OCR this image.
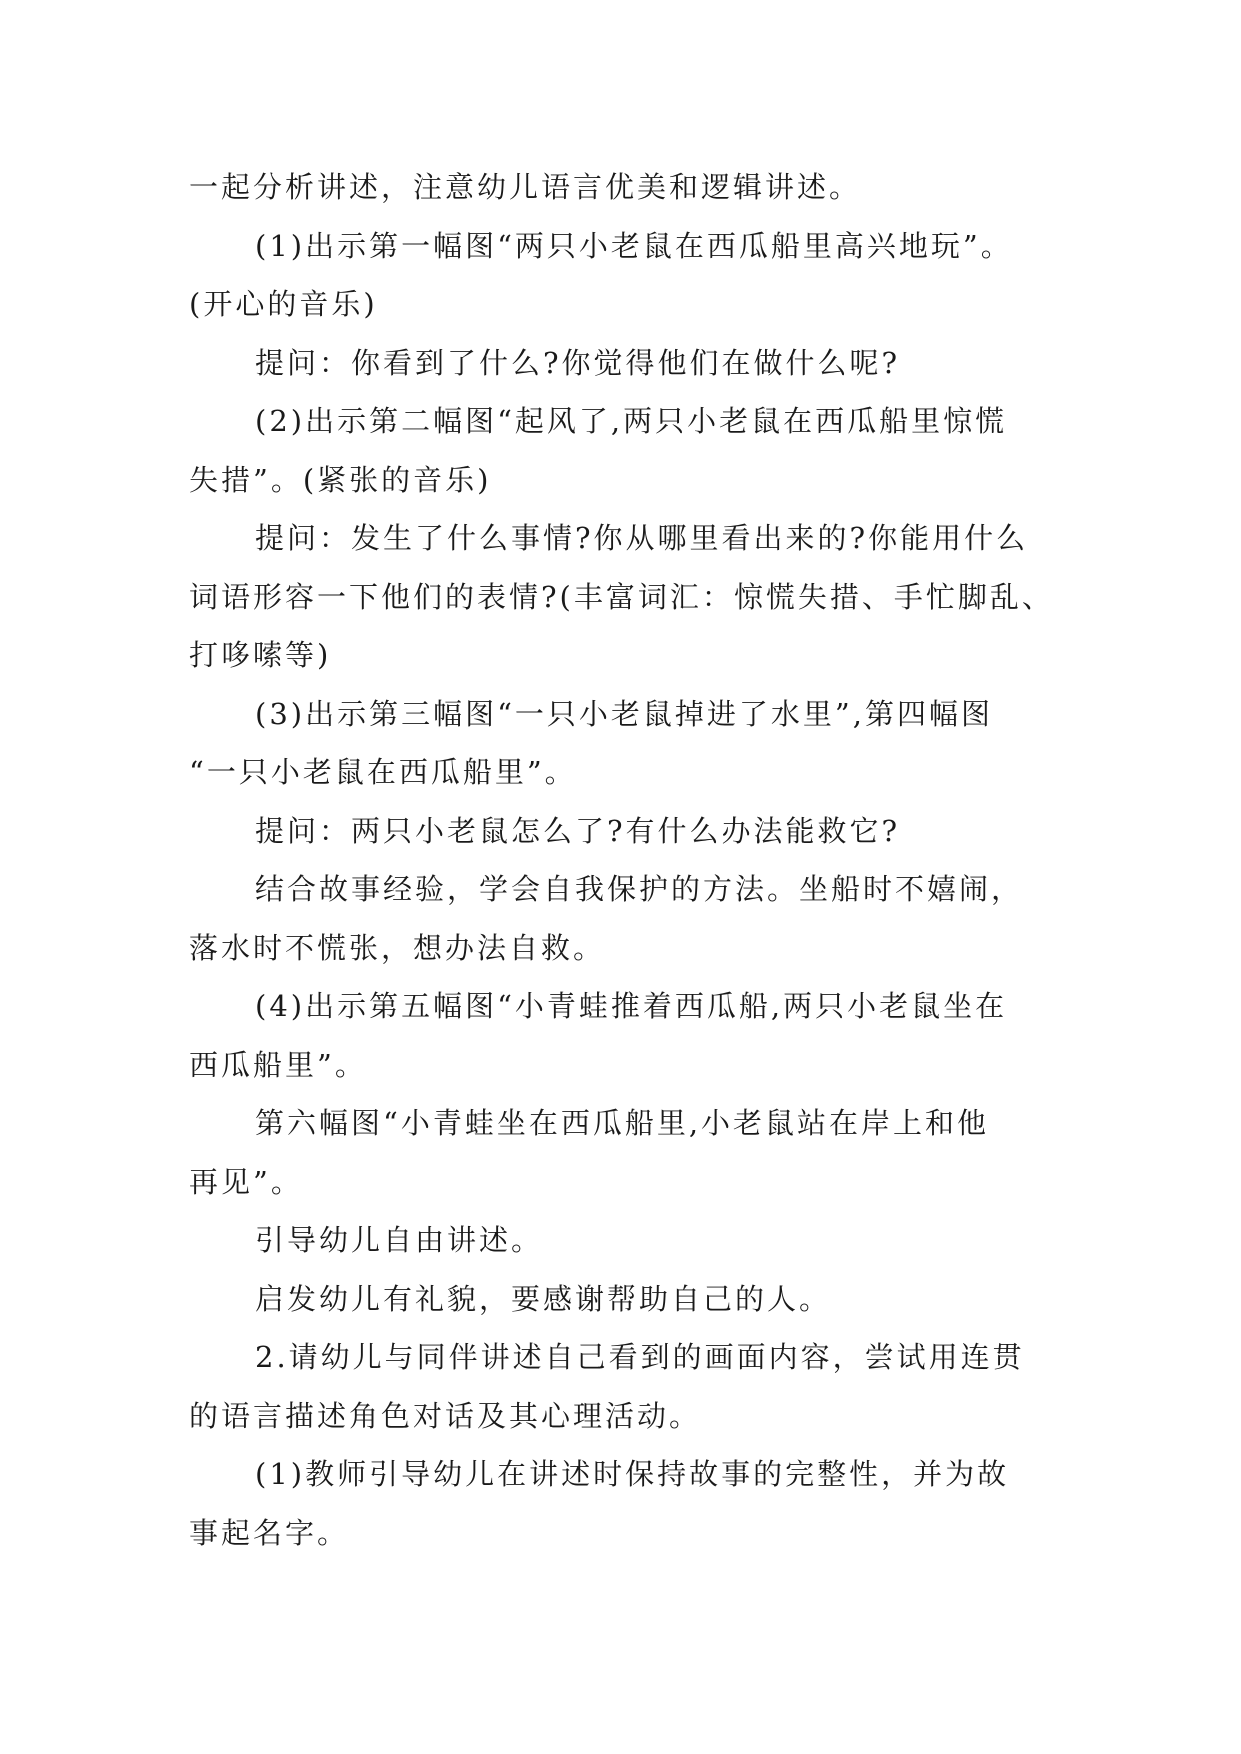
一起分析讲述，注意幼儿语言优美和逻辑讲述。

(1)出示第一幅图“两只小老鼠在西瓜船里高兴地玩”。
(开心的音乐)

提问：你看到了什么?你觉得他们在做什么呢?

(2)出示第二幅图“起风了,两只小老鼠在西瓜船里惊慌
失措”。(紧张的音乐)

提问：发生了什么事情?你从哪里看出来的?你能用什么
词语形容一下他们的表情?(丰富词汇：惊慌失措、手忙脚乱、
打哆嗦等)

(3)出示第三幅图“一只小老鼠掉进了水里”,第四幅图
“一只小老鼠在西瓜船里”。

提问：两只小老鼠怎么了?有什么办法能救它?

结合故事经验，学会自我保护的方法。坐船时不嬉闹，
落水时不慌张，想办法自救。

(4)出示第五幅图“小青蛙推着西瓜船,两只小老鼠坐在
西瓜船里”。

第六幅图“小青蛙坐在西瓜船里,小老鼠站在岸上和他
再见”。

引导幼儿自由讲述。

启发幼儿有礼貌，要感谢帮助自己的人。

2.请幼儿与同伴讲述自己看到的画面内容，尝试用连贯
的语言描述角色对话及其心理活动。

(1)教师引导幼儿在讲述时保持故事的完整性，并为故
事起名字。
